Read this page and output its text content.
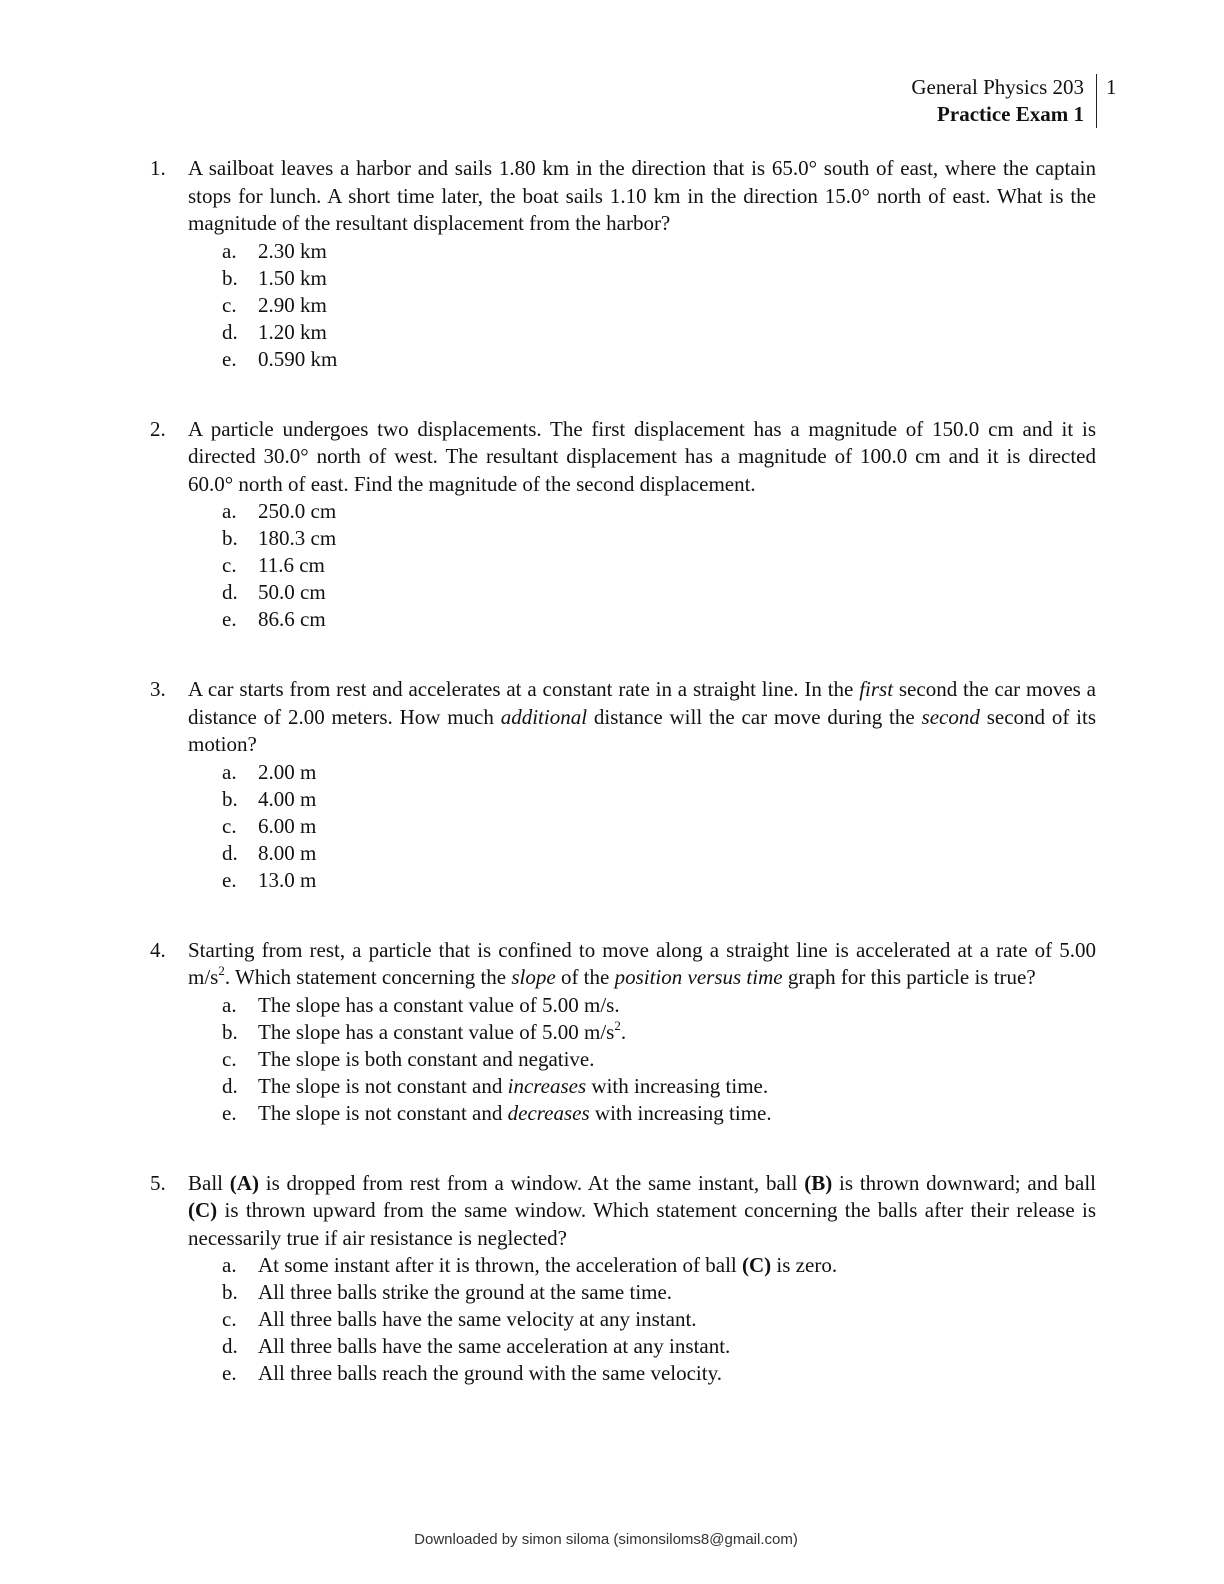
General Physics 203
Practice Exam 1
1
1. A sailboat leaves a harbor and sails 1.80 km in the direction that is 65.0° south of east, where the captain stops for lunch. A short time later, the boat sails 1.10 km in the direction 15.0° north of east. What is the magnitude of the resultant displacement from the harbor?
a. 2.30 km
b. 1.50 km
c. 2.90 km
d. 1.20 km
e. 0.590 km
2. A particle undergoes two displacements. The first displacement has a magnitude of 150.0 cm and it is directed 30.0° north of west. The resultant displacement has a magnitude of 100.0 cm and it is directed 60.0° north of east. Find the magnitude of the second displacement.
a. 250.0 cm
b. 180.3 cm
c. 11.6 cm
d. 50.0 cm
e. 86.6 cm
3. A car starts from rest and accelerates at a constant rate in a straight line. In the first second the car moves a distance of 2.00 meters. How much additional distance will the car move during the second second of its motion?
a. 2.00 m
b. 4.00 m
c. 6.00 m
d. 8.00 m
e. 13.0 m
4. Starting from rest, a particle that is confined to move along a straight line is accelerated at a rate of 5.00 $m/s^2$. Which statement concerning the slope of the position versus time graph for this particle is true?
a. The slope has a constant value of 5.00 m/s.
b. The slope has a constant value of 5.00 $m/s^2$.
c. The slope is both constant and negative.
d. The slope is not constant and increases with increasing time.
e. The slope is not constant and decreases with increasing time.
5. Ball (A) is dropped from rest from a window. At the same instant, ball (B) is thrown downward; and ball (C) is thrown upward from the same window. Which statement concerning the balls after their release is necessarily true if air resistance is neglected?
a. At some instant after it is thrown, the acceleration of ball (C) is zero.
b. All three balls strike the ground at the same time.
c. All three balls have the same velocity at any instant.
d. All three balls have the same acceleration at any instant.
e. All three balls reach the ground with the same velocity.
Downloaded by simon siloma (simonsiloms8@gmail.com)
